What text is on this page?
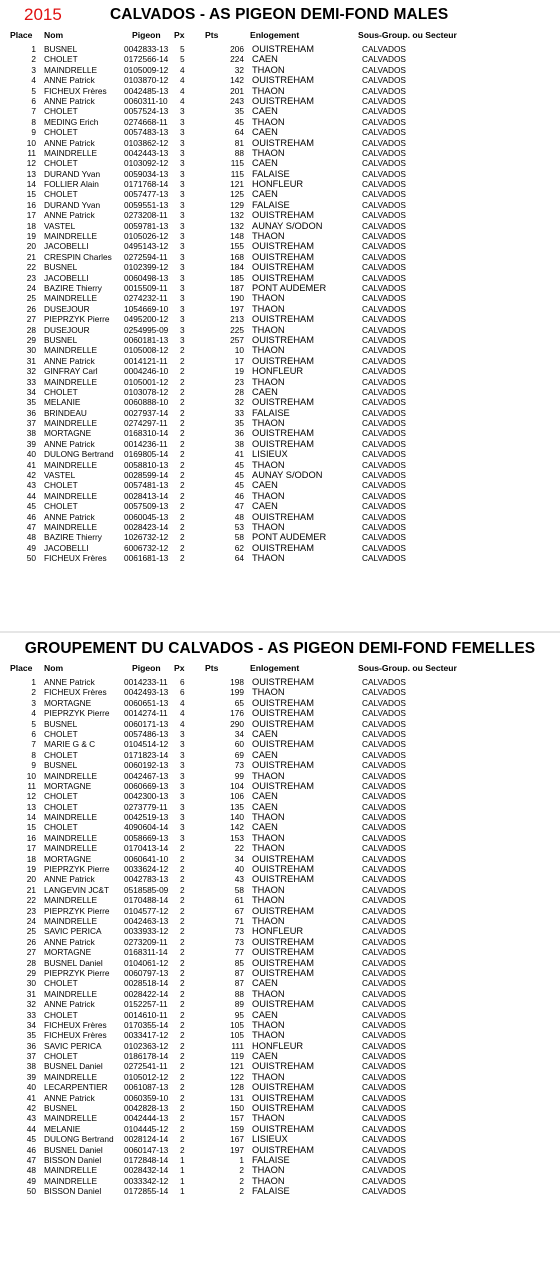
2015	CALVADOS - AS PIGEON DEMI-FOND MALES
Place Nom	Pigeon Px Pts	Enlogement	Sous-Group. ou Secteur
1 BUSNEL	0042833-13 5	206 OUISTREHAM	CALVADOS
2 CHOLET	0172566-14 5	224 CAEN	CALVADOS
3 MAINDRELLE	0105009-12 4	32 THAON	CALVADOS
4 ANNE Patrick	0103870-12 4	142 OUISTREHAM	CALVADOS
5 FICHEUX Frères 0042485-13 4	201 THAON	CALVADOS
6 ANNE Patrick	0060311-10 4	243 OUISTREHAM	CALVADOS
7 CHOLET	0057524-13 3	35 CAEN	CALVADOS
8 MEDING Erich	0274668-11 3	45 THAON	CALVADOS
9 CHOLET	0057483-13 3	64 CAEN	CALVADOS
10 ANNE Patrick	0103862-12 3	81 OUISTREHAM	CALVADOS
11 MAINDRELLE	0042443-13 3	88 THAON	CALVADOS
12 CHOLET	0103092-12 3	115 CAEN	CALVADOS
13 DURAND Yvan	0059034-13 3	115 FALAISE	CALVADOS
14 FOLLIER Alain	0171768-14 3	121 HONFLEUR	CALVADOS
15 CHOLET	0057477-13 3	125 CAEN	CALVADOS
16 DURAND Yvan	0059551-13 3	129 FALAISE	CALVADOS
17 ANNE Patrick	0273208-11 3	132 OUISTREHAM	CALVADOS
18 VASTEL	0059781-13 3	132 AUNAY S/ODON	CALVADOS
19 MAINDRELLE	0105026-12 3	148 THAON	CALVADOS
20 JACOBELLI	0495143-12 3	155 OUISTREHAM	CALVADOS
21 CRESPIN Charles 0272594-11 3	168 OUISTREHAM	CALVADOS
22 BUSNEL	0102399-12 3	184 OUISTREHAM	CALVADOS
23 JACOBELLI	0060498-13 3	185 OUISTREHAM	CALVADOS
24 BAZIRE Thierry	0015509-11 3	187 PONT AUDEMER	CALVADOS
25 MAINDRELLE	0274232-11 3	190 THAON	CALVADOS
26 DUSEJOUR	1054669-10 3	197 THAON	CALVADOS
27 PIEPRZYK Pierre 0495200-12 3	213 OUISTREHAM	CALVADOS
28 DUSEJOUR	0254995-09 3	225 THAON	CALVADOS
29 BUSNEL	0060181-13 3	257 OUISTREHAM	CALVADOS
30 MAINDRELLE	0105008-12 2	10 THAON	CALVADOS
31 ANNE Patrick	0014121-11 2	17 OUISTREHAM	CALVADOS
32 GINFRAY Carl	0004246-10 2	19 HONFLEUR	CALVADOS
33 MAINDRELLE	0105001-12 2	23 THAON	CALVADOS
34 CHOLET	0103078-12 2	28 CAEN	CALVADOS
35 MELANIE	0060888-10 2	32 OUISTREHAM	CALVADOS
36 BRINDEAU	0027937-14 2	33 FALAISE	CALVADOS
37 MAINDRELLE	0274297-11 2	35 THAON	CALVADOS
38 MORTAGNE	0168310-14 2	36 OUISTREHAM	CALVADOS
39 ANNE Patrick	0014236-11 2	38 OUISTREHAM	CALVADOS
40 DULONG Bertrand 0169805-14 2	41 LISIEUX	CALVADOS
41 MAINDRELLE	0058810-13 2	45 THAON	CALVADOS
42 VASTEL	0028599-14 2	45 AUNAY S/ODON	CALVADOS
43 CHOLET	0057481-13 2	45 CAEN	CALVADOS
44 MAINDRELLE	0028413-14 2	46 THAON	CALVADOS
45 CHOLET	0057509-13 2	47 CAEN	CALVADOS
46 ANNE Patrick	0060045-13 2	48 OUISTREHAM	CALVADOS
47 MAINDRELLE	0028423-14 2	53 THAON	CALVADOS
48 BAZIRE Thierry	1026732-12 2	58 PONT AUDEMER	CALVADOS
49 JACOBELLI	6006732-12 2	62 OUISTREHAM	CALVADOS
50 FICHEUX Frères 0061681-13 2	64 THAON	CALVADOS
GROUPEMENT DU CALVADOS - AS PIGEON DEMI-FOND FEMELLES
Place Nom	Pigeon Px Pts	Enlogement	Sous-Group. ou Secteur
1 ANNE Patrick	0014233-11 6	198 OUISTREHAM	CALVADOS
2 FICHEUX Frères 0042493-13 6	199 THAON	CALVADOS
3 MORTAGNE	0060651-13 4	65 OUISTREHAM	CALVADOS
4 PIEPRZYK Pierre 0014274-11 4	176 OUISTREHAM	CALVADOS
5 BUSNEL	0060171-13 4	290 OUISTREHAM	CALVADOS
6 CHOLET	0057486-13 3	34 CAEN	CALVADOS
7 MARIE G & C	0104514-12 3	60 OUISTREHAM	CALVADOS
8 CHOLET	0171823-14 3	69 CAEN	CALVADOS
9 BUSNEL	0060192-13 3	73 OUISTREHAM	CALVADOS
10 MAINDRELLE	0042467-13 3	99 THAON	CALVADOS
11 MORTAGNE	0060669-13 3	104 OUISTREHAM	CALVADOS
12 CHOLET	0042300-13 3	106 CAEN	CALVADOS
13 CHOLET	0273779-11 3	135 CAEN	CALVADOS
14 MAINDRELLE	0042519-13 3	140 THAON	CALVADOS
15 CHOLET	4090604-14 3	142 CAEN	CALVADOS
16 MAINDRELLE	0058669-13 3	153 THAON	CALVADOS
17 MAINDRELLE	0170413-14 2	22 THAON	CALVADOS
18 MORTAGNE	0060641-10 2	34 OUISTREHAM	CALVADOS
19 PIEPRZYK Pierre 0033624-12 2	40 OUISTREHAM	CALVADOS
20 ANNE Patrick	0042783-13 2	43 OUISTREHAM	CALVADOS
21 LANGEVIN JC&T 0518585-09 2	58 THAON	CALVADOS
22 MAINDRELLE	0170488-14 2	61 THAON	CALVADOS
23 PIEPRZYK Pierre 0104577-12 2	67 OUISTREHAM	CALVADOS
24 MAINDRELLE	0042463-13 2	71 THAON	CALVADOS
25 SAVIC PERICA	0033933-12 2	73 HONFLEUR	CALVADOS
26 ANNE Patrick	0273209-11 2	73 OUISTREHAM	CALVADOS
27 MORTAGNE	0168311-14 2	77 OUISTREHAM	CALVADOS
28 BUSNEL Daniel	0104061-12 2	85 OUISTREHAM	CALVADOS
29 PIEPRZYK Pierre 0060797-13 2	87 OUISTREHAM	CALVADOS
30 CHOLET	0028518-14 2	87 CAEN	CALVADOS
31 MAINDRELLE	0028422-14 2	88 THAON	CALVADOS
32 ANNE Patrick	0152257-11 2	89 OUISTREHAM	CALVADOS
33 CHOLET	0014610-11 2	95 CAEN	CALVADOS
34 FICHEUX Frères 0170355-14 2	105 THAON	CALVADOS
35 FICHEUX Frères 0033417-12 2	105 THAON	CALVADOS
36 SAVIC PERICA	0102363-12 2	111 HONFLEUR	CALVADOS
37 CHOLET	0186178-14 2	119 CAEN	CALVADOS
38 BUSNEL Daniel	0272541-11 2	121 OUISTREHAM	CALVADOS
39 MAINDRELLE	0105012-12 2	122 THAON	CALVADOS
40 LECARPENTIER 0061087-13 2	128 OUISTREHAM	CALVADOS
41 ANNE Patrick	0060359-10 2	131 OUISTREHAM	CALVADOS
42 BUSNEL	0042828-13 2	150 OUISTREHAM	CALVADOS
43 MAINDRELLE	0042444-13 2	157 THAON	CALVADOS
44 MELANIE	0104445-12 2	159 OUISTREHAM	CALVADOS
45 DULONG Bertrand 0028124-14 2	167 LISIEUX	CALVADOS
46 BUSNEL Daniel	0060147-13 2	197 OUISTREHAM	CALVADOS
47 BISSON Daniel	0172848-14 1	1 FALAISE	CALVADOS
48 MAINDRELLE	0028432-14 1	2 THAON	CALVADOS
49 MAINDRELLE	0033342-12 1	2 THAON	CALVADOS
50 BISSON Daniel	0172855-14 1	2 FALAISE	CALVADOS
